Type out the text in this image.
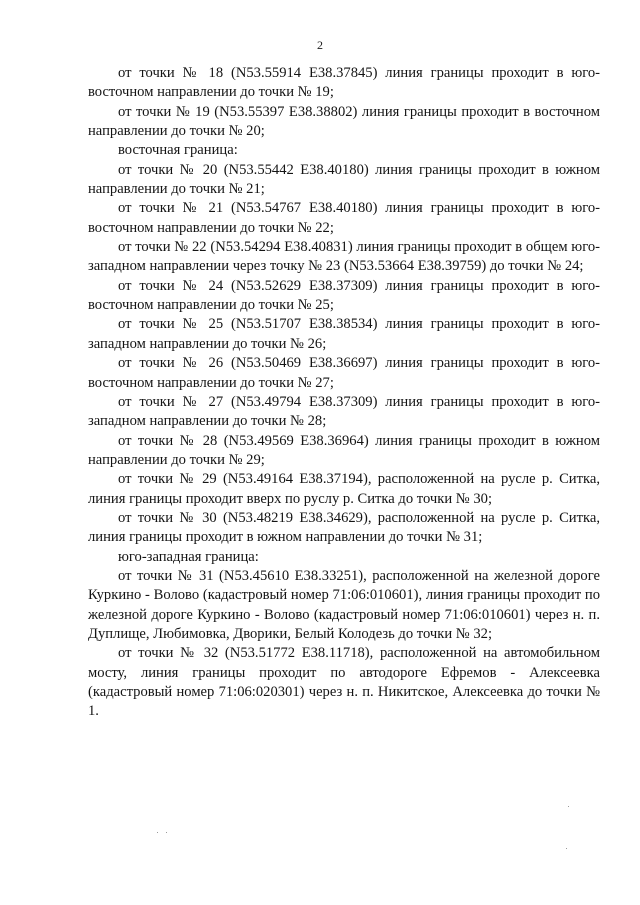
2

от точки № 18 (N53.55914 E38.37845) линия границы проходит в юго-восточном направлении до точки № 19;

от точки № 19 (N53.55397 E38.38802) линия границы проходит в восточном направлении до точки № 20;

восточная граница:

от точки № 20 (N53.55442 E38.40180) линия границы проходит в южном направлении до точки № 21;

от точки № 21 (N53.54767 E38.40180) линия границы проходит в юго-восточном направлении до точки № 22;

от точки № 22 (N53.54294 E38.40831) линия границы проходит в общем юго-западном направлении через точку № 23 (N53.53664 E38.39759) до точки № 24;

от точки № 24 (N53.52629 E38.37309) линия границы проходит в юго-восточном направлении до точки № 25;

от точки № 25 (N53.51707 E38.38534) линия границы проходит в юго-западном направлении до точки № 26;

от точки № 26 (N53.50469 E38.36697) линия границы проходит в юго-восточном направлении до точки № 27;

от точки № 27 (N53.49794 E38.37309) линия границы проходит в юго-западном направлении до точки № 28;

от точки № 28 (N53.49569 E38.36964) линия границы проходит в южном направлении до точки № 29;

от точки № 29 (N53.49164 E38.37194), расположенной на русле р. Ситка, линия границы проходит вверх по руслу р. Ситка до точки № 30;

от точки № 30 (N53.48219 E38.34629), расположенной на русле р. Ситка, линия границы проходит в южном направлении до точки № 31;

юго-западная граница:

от точки № 31 (N53.45610 E38.33251), расположенной на железной дороге Куркино - Волово (кадастровый номер 71:06:010601), линия границы проходит по железной дороге Куркино - Волово (кадастровый номер 71:06:010601) через н. п. Дуплище, Любимовка, Дворики, Белый Колодезь до точки № 32;

от точки № 32 (N53.51772 E38.11718), расположенной на автомобильном мосту, линия границы проходит по автодороге Ефремов - Алексеевка (кадастровый номер 71:06:020301) через н. п. Никитское, Алексеевка до точки № 1.
